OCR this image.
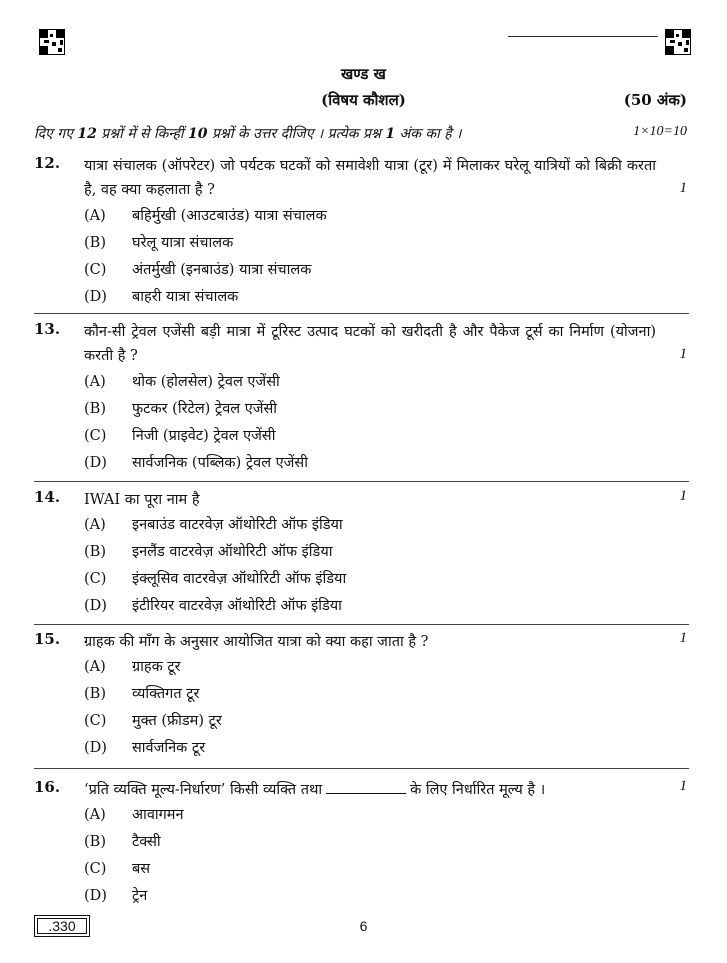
खण्ड ख
(विषय कौशल)	(50 अंक)
दिए गए 12 प्रश्नों में से किन्हीं 10 प्रश्नों के उत्तर दीजिए । प्रत्येक प्रश्न 1 अंक का है ।	1×10=10
12. यात्रा संचालक (ऑपरेटर) जो पर्यटक घटकों को समावेशी यात्रा (टूर) में मिलाकर घरेलू यात्रियों को बिक्री करता है, वह क्या कहलाता है ?	1
(A) बहिर्मुखी (आउटबाउंड) यात्रा संचालक
(B) घरेलू यात्रा संचालक
(C) अंतर्मुखी (इनबाउंड) यात्रा संचालक
(D) बाहरी यात्रा संचालक
13. कौन-सी ट्रेवल एजेंसी बड़ी मात्रा में टूरिस्ट उत्पाद घटकों को खरीदती है और पैकेज टूर्स का निर्माण (योजना) करती है ?	1
(A) थोक (होलसेल) ट्रेवल एजेंसी
(B) फुटकर (रिटेल) ट्रेवल एजेंसी
(C) निजी (प्राइवेट) ट्रेवल एजेंसी
(D) सार्वजनिक (पब्लिक) ट्रेवल एजेंसी
14. IWAI का पूरा नाम है	1
(A) इनबाउंड वाटरवेज़ ऑथोरिटी ऑफ इंडिया
(B) इनलैंड वाटरवेज़ ऑथोरिटी ऑफ इंडिया
(C) इंक्लूसिव वाटरवेज़ ऑथोरिटी ऑफ इंडिया
(D) इंटीरियर वाटरवेज़ ऑथोरिटी ऑफ इंडिया
15. ग्राहक की माँग के अनुसार आयोजित यात्रा को क्या कहा जाता है ?	1
(A) ग्राहक टूर
(B) व्यक्तिगत टूर
(C) मुक्त (फ्रीडम) टूर
(D) सार्वजनिक टूर
16. ‘प्रति व्यक्ति मूल्य-निर्धारण’ किसी व्यक्ति तथा	के लिए निर्धारित मूल्य है ।	1
(A) आवागमन
(B) टैक्सी
(C) बस
(D) ट्रेन
.330	6
